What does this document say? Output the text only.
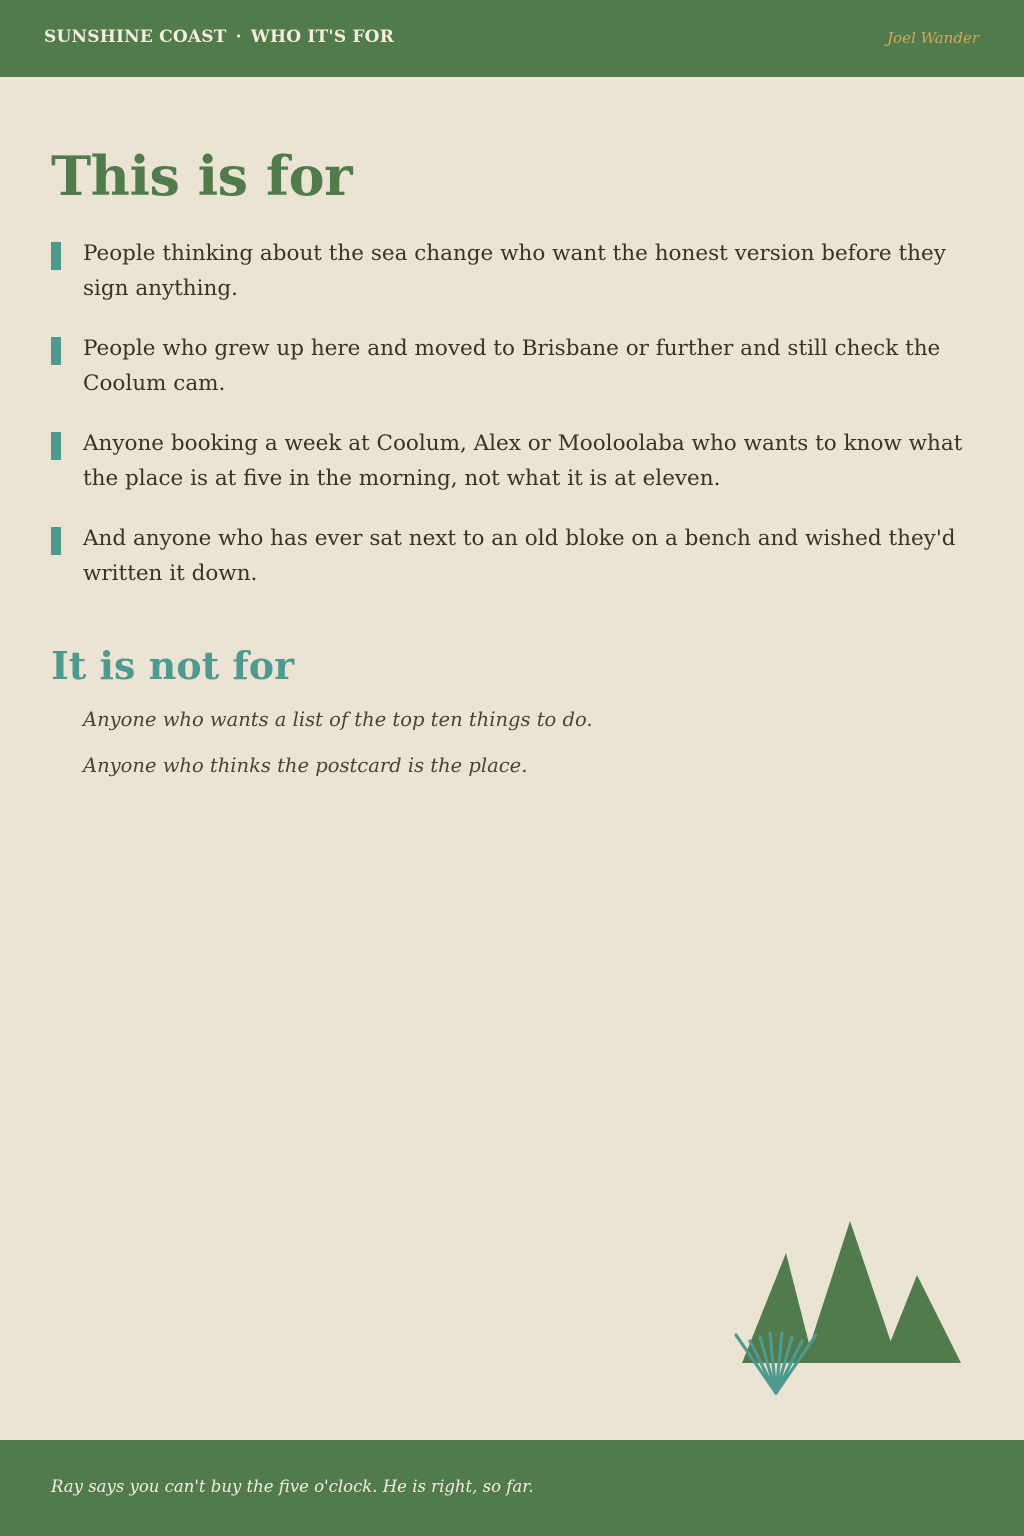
SUNSHINE COAST · WHO IT'S FOR	Joel Wander
This is for
People thinking about the sea change who want the honest version before they sign anything.
People who grew up here and moved to Brisbane or further and still check the Coolum cam.
Anyone booking a week at Coolum, Alex or Mooloolaba who wants to know what the place is at five in the morning, not what it is at eleven.
And anyone who has ever sat next to an old bloke on a bench and wished they'd written it down.
It is not for
Anyone who wants a list of the top ten things to do.
Anyone who thinks the postcard is the place.
Ray says you can't buy the five o'clock. He is right, so far.
